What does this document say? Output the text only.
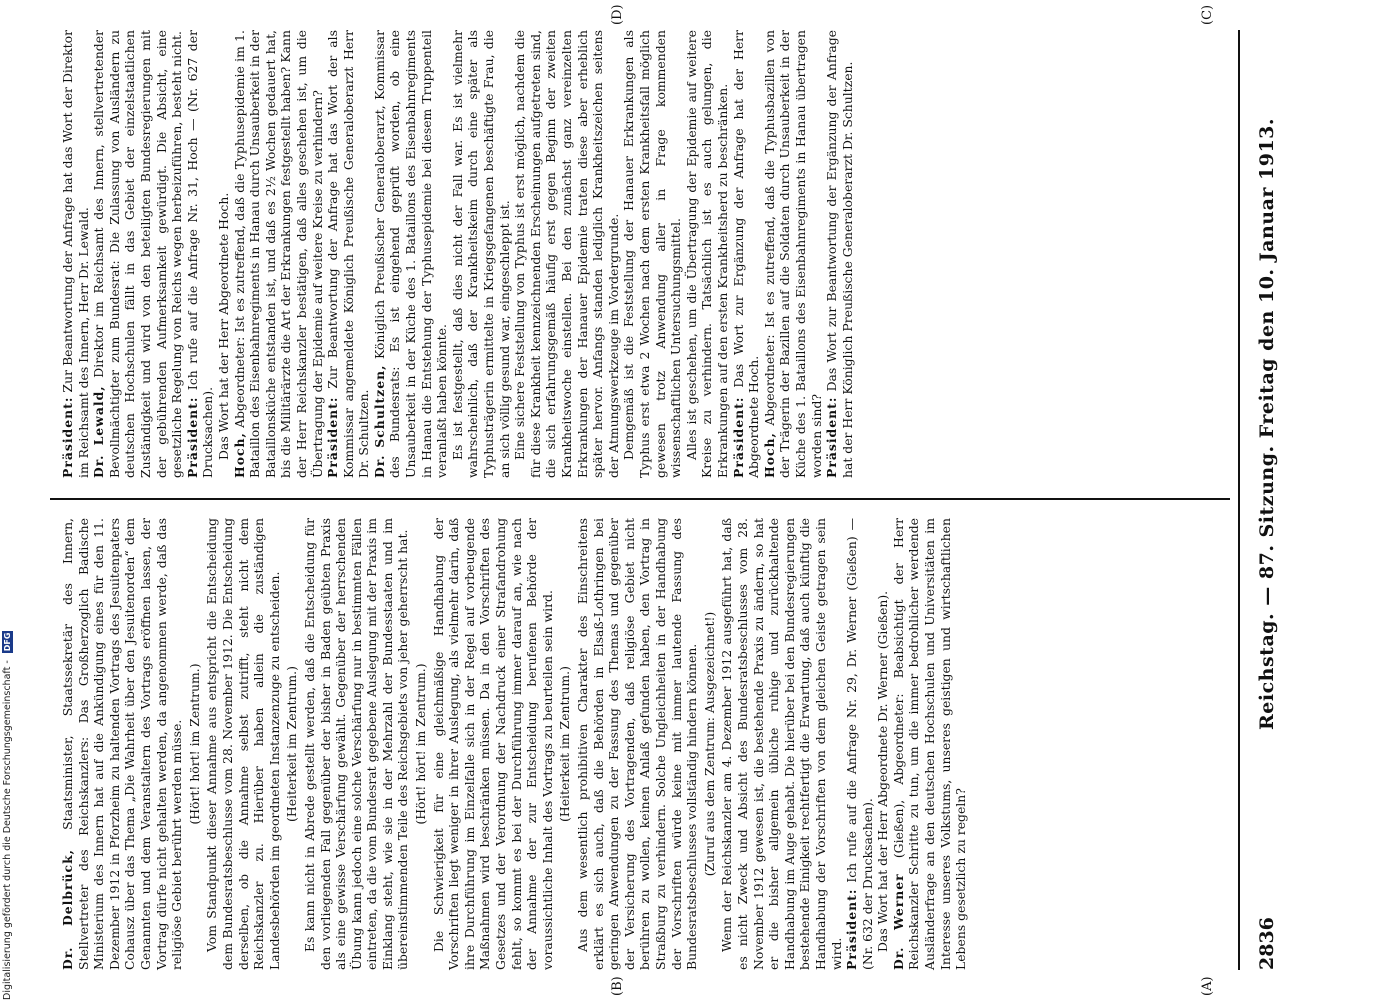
2836
Reichstag. — 87. Sitzung. Freitag den 10. Januar 1913.

Dr. Delbrück, Staatsminister, Staatssekretär des Innern, Stellvertreter des Reichskanzlers: Das Großherzoglich Badische Ministerium des Innern hat auf die Ankündigung eines für den 11. Dezember 1912 in Pforzheim zu haltenden Vortrags des Jesuitenpaters Cohausz über das Thema „Die Wahrheit über den Jesuitenorden“ dem Genannten und dem Veranstaltern des Vortrags eröffnen lassen, der Vortrag dürfe nicht gehalten werden, da angenommen werde, daß das religiöse Gebiet berührt werden müsse. (Hört! hört! im Zentrum.) Vom Standpunkt dieser Annahme aus entspricht die Entscheidung dem Bundesratsbeschlusse vom 28. November 1912. Die Entscheidung derselben, ob die Annahme selbst zutrifft, steht nicht dem Reichskanzler zu. Hierüber haben allein die zuständigen Landesbehörden im geordneten Instanzenzuge zu entscheiden. (Heiterkeit im Zentrum.) Es kann nicht in Abrede gestellt werden, daß die Entscheidung für den vorliegenden Fall gegenüber der bisher in Baden geübten Praxis als eine gewisse Verschärfung gewählt. Gegenüber der herrschenden Übung kann jedoch eine solche Verschärfung nur in bestimmten Fällen eintreten, da die vom Bundesrat gegebene Auslegung mit der Praxis im Einklang steht, wie sie in der Mehrzahl der Bundesstaaten und im übereinstimmenden Teile des Reichsgebiets von jeher geherrscht hat. (Hört! hört! im Zentrum.) Die Schwierigkeit für eine gleichmäßige Handhabung der Vorschriften liegt weniger in ihrer Auslegung, als vielmehr darin, daß ihre Durchführung im Einzelfalle sich in der Regel auf vorbeugende Maßnahmen wird beschränken müssen. Da in den Vorschriften des Gesetzes und der Verordnung der Nachdruck einer Strafandrohung fehlt, so kommt es bei der Durchführung immer darauf an, wie nach der Annahme der zur Entscheidung berufenen Behörde der voraussichtliche Inhalt des Vortrags zu beurteilen sein wird. (Heiterkeit im Zentrum.) Aus dem wesentlich prohibitiven Charakter des Einschreitens erklärt es sich auch, daß die Behörden in Elsaß-Lothringen bei geringen Anwendungen zu der Fassung des Themas und gegenüber der Versicherung des Vortragenden, daß religiöse Gebiet nicht berühren zu wollen, keinen Anlaß gefunden haben, den Vortrag in Straßburg zu verhindern. Solche Ungleichheiten in der Handhabung der Vorschriften würde keine mit immer lautende Fassung des Bundesratsbeschlusses vollständig hindern können. (Zuruf aus dem Zentrum: Ausgezeichnet!) Wenn der Reichskanzler am 4. Dezember 1912 ausgeführt hat, daß es nicht Zweck und Absicht des Bundesratsbeschlusses vom 28. November 1912 gewesen ist, die bestehende Praxis zu ändern, so hat er die bisher allgemein übliche ruhige und zurückhaltende Handhabung im Auge gehabt. Die hierüber bei den Bundesregierungen bestehende Einigkeit rechtfertigt die Erwartung, daß auch künftig die Handhabung der Vorschriften von dem gleichen Geiste getragen sein wird. Präsident: Ich rufe auf die Anfrage Nr. 29, Dr. Werner (Gießen) — (Nr. 632 der Drucksachen). Das Wort hat der Herr Abgeordnete Dr. Werner (Gießen). Dr. Werner (Gießen), Abgeordneter: Beabsichtigt der Herr Reichskanzler Schritte zu tun, um die immer bedrohlicher werdende Ausländerfrage an den deutschen Hochschulen und Universitäten im Interesse unseres Volkstums, unseres geistigen und wirtschaftlichen Lebens gesetzlich zu regeln?

Präsident: Zur Beantwortung der Anfrage hat das Wort der Direktor im Reichsamt des Innern, Herr Dr. Lewald. Dr. Lewald, Direktor im Reichsamt des Innern, stellvertretender Bevollmächtigter zum Bundesrat: Die Zulassung von Ausländern zu deutschen Hochschulen fällt in das Gebiet der einzelstaatlichen Zuständigkeit und wird von den beteiligten Bundesregierungen mit der gebührenden Aufmerksamkeit gewürdigt. Die Absicht, eine gesetzliche Regelung von Reichs wegen herbeizuführen, besteht nicht. Präsident: Ich rufe auf die Anfrage Nr. 31, Hoch — (Nr. 627 der Drucksachen). Das Wort hat der Herr Abgeordnete Hoch. Hoch, Abgeordneter: Ist es zutreffend, daß die Typhusepidemie im 1. Bataillon des Eisenbahnregiments in Hanau durch Unsauberkeit in der Bataillonsküche entstanden ist, und daß es 2½ Wochen gedauert hat, bis die Militärärzte die Art der Erkrankungen festgestellt haben? Kann der Herr Reichskanzler bestätigen, daß alles geschehen ist, um die Übertragung der Epidemie auf weitere Kreise zu verhindern? Präsident: Zur Beantwortung der Anfrage hat das Wort der als Kommissar angemeldete Königlich Preußische Generaloberarzt Herr Dr. Schultzen. Dr. Schultzen, Königlich Preußischer Generaloberarzt, Kommissar des Bundesrats: Es ist eingehend geprüft worden, ob eine Unsauberkeit in der Küche des 1. Bataillons des Eisenbahnregiments in Hanau die Entstehung der Typhusepidemie bei diesem Truppenteil veranlaßt haben könnte. Es ist festgestellt, daß dies nicht der Fall war. Es ist vielmehr wahrscheinlich, daß der Krankheitskeim durch eine später als Typhusträgerin ermittelte in Kriegsgefangenen beschäftigte Frau, die an sich völlig gesund war, eingeschleppt ist. Eine sichere Feststellung von Typhus ist erst möglich, nachdem die für diese Krankheit kennzeichnenden Erscheinungen aufgetreten sind, die sich erfahrungsgemäß häufig erst gegen Beginn der zweiten Krankheitswoche einstellen. Bei den zunächst ganz vereinzelten Erkrankungen der Hanauer Epidemie traten diese aber erheblich später hervor. Anfangs standen lediglich Krankheitszeichen seitens der Atmungswerkzeuge im Vordergrunde. Demgemäß ist die Feststellung der Hanauer Erkrankungen als Typhus erst etwa 2 Wochen nach dem ersten Krankheitsfall möglich gewesen trotz Anwendung aller in Frage kommenden wissenschaftlichen Untersuchungsmittel. Alles ist geschehen, um die Übertragung der Epidemie auf weitere Kreise zu verhindern. Tatsächlich ist es auch gelungen, die Erkrankungen auf den ersten Krankheitsherd zu beschränken. Präsident: Das Wort zur Ergänzung der Anfrage hat der Herr Abgeordnete Hoch. Hoch, Abgeordneter: Ist es zutreffend, daß die Typhusbazillen von der Trägerin der Bazillen auf die Soldaten durch Unsauberkeit in der Küche des 1. Bataillons des Eisenbahnregiments in Hanau übertragen worden sind? Präsident: Das Wort zur Beantwortung der Ergänzung der Anfrage hat der Herr Königlich Preußische Generaloberarzt Dr. Schultzen.

(A)
(B)
(C)
(D)
Digitalisierung gefördert durch die Deutsche Forschungsgemeinschaft - DFG
